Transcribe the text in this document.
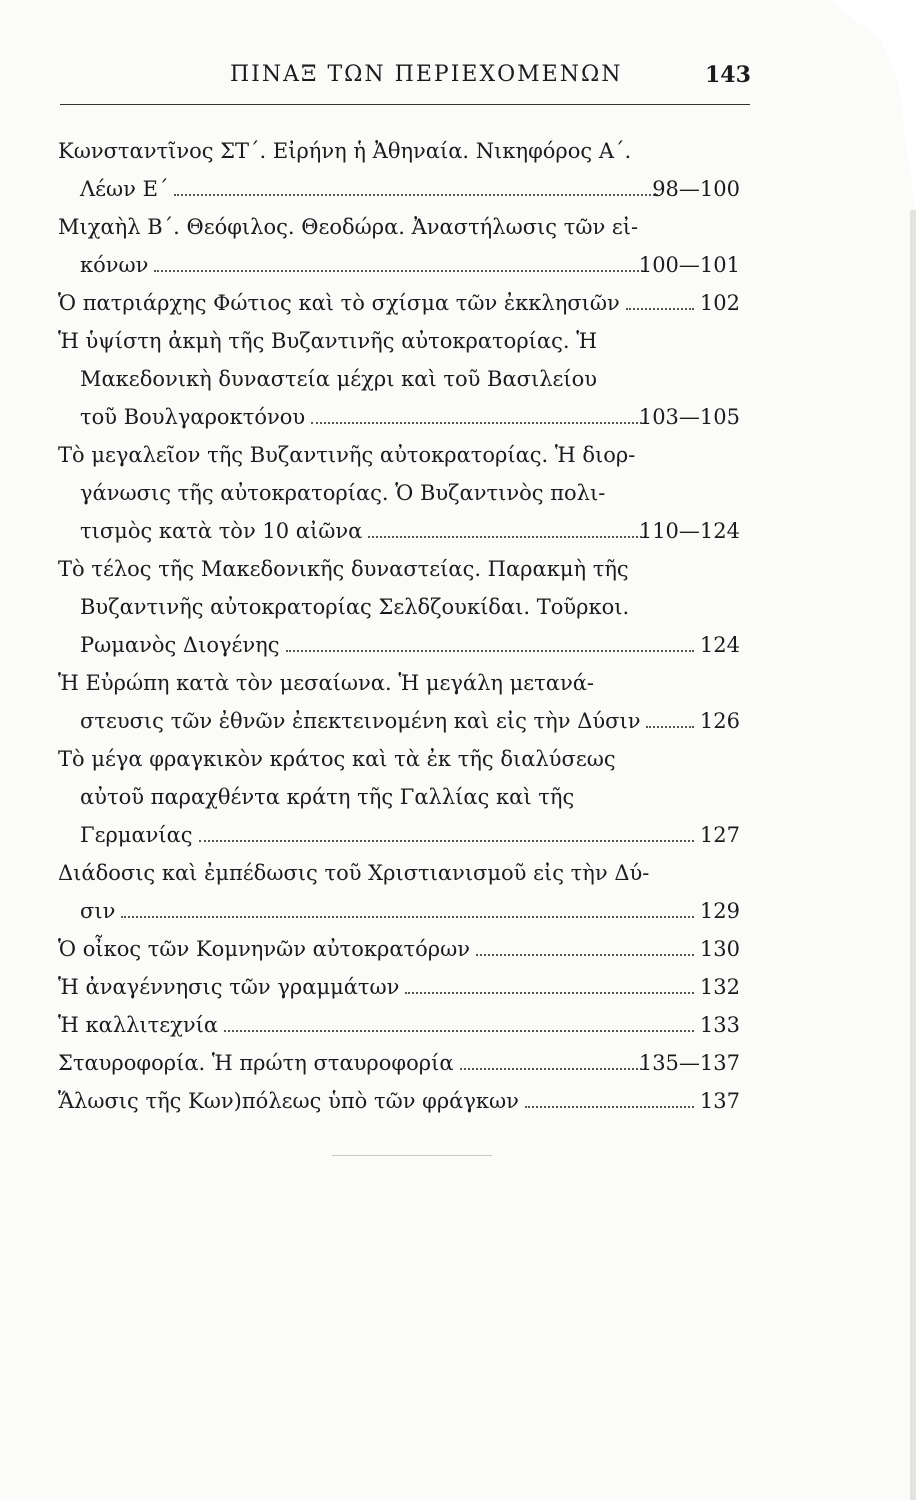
ΠΙΝΑΞ ΤΩΝ ΠΕΡΙΕΧΟΜΕΝΩΝ	143
Κωνσταντῖνος ΣΤ΄. Εἰρήνη ἡ Ἀθηναία. Νικηφόρος Α΄.
Λέων Ε΄	98—100
Μιχαὴλ Β΄. Θεόφιλος. Θεοδώρα. Ἀναστήλωσις τῶν εἰ-
κόνων	100—101
Ὁ πατριάρχης Φώτιος καὶ τὸ σχίσμα τῶν ἐκκλησιῶν	102
Ἡ ὑψίστη ἀκμὴ τῆς Βυζαντινῆς αὐτοκρατορίας. Ἡ
Μακεδονικὴ δυναστεία μέχρι καὶ τοῦ Βασιλείου
τοῦ Βουλγαροκτόνου	103—105
Τὸ μεγαλεῖον τῆς Βυζαντινῆς αὐτοκρατορίας. Ἡ διορ-
γάνωσις τῆς αὐτοκρατορίας. Ὁ Βυζαντινὸς πολι-
τισμὸς κατὰ τὸν 10 αἰῶνα	110—124
Τὸ τέλος τῆς Μακεδονικῆς δυναστείας. Παρακμὴ τῆς
Βυζαντινῆς αὐτοκρατορίας Σελδζουκίδαι. Τοῦρκοι.
Ρωμανὸς Διογένης	124
Ἡ Εὐρώπη κατὰ τὸν μεσαίωνα. Ἡ μεγάλη μετανά-
στευσις τῶν ἐθνῶν ἐπεκτεινομένη καὶ εἰς τὴν Δύσιν	126
Τὸ μέγα φραγκικὸν κράτος καὶ τὰ ἐκ τῆς διαλύσεως
αὐτοῦ παραχθέντα κράτη τῆς Γαλλίας καὶ τῆς
Γερμανίας	127
Διάδοσις καὶ ἐμπέδωσις τοῦ Χριστιανισμοῦ εἰς τὴν Δύ-
σιν	129
Ὁ οἶκος τῶν Κομνηνῶν αὐτοκρατόρων	130
Ἡ ἀναγέννησις τῶν γραμμάτων	132
Ἡ καλλιτεχνία	133
Σταυροφορία. Ἡ πρώτη σταυροφορία	135—137
Ἅλωσις τῆς Κων)πόλεως ὑπὸ τῶν φράγκων	137
